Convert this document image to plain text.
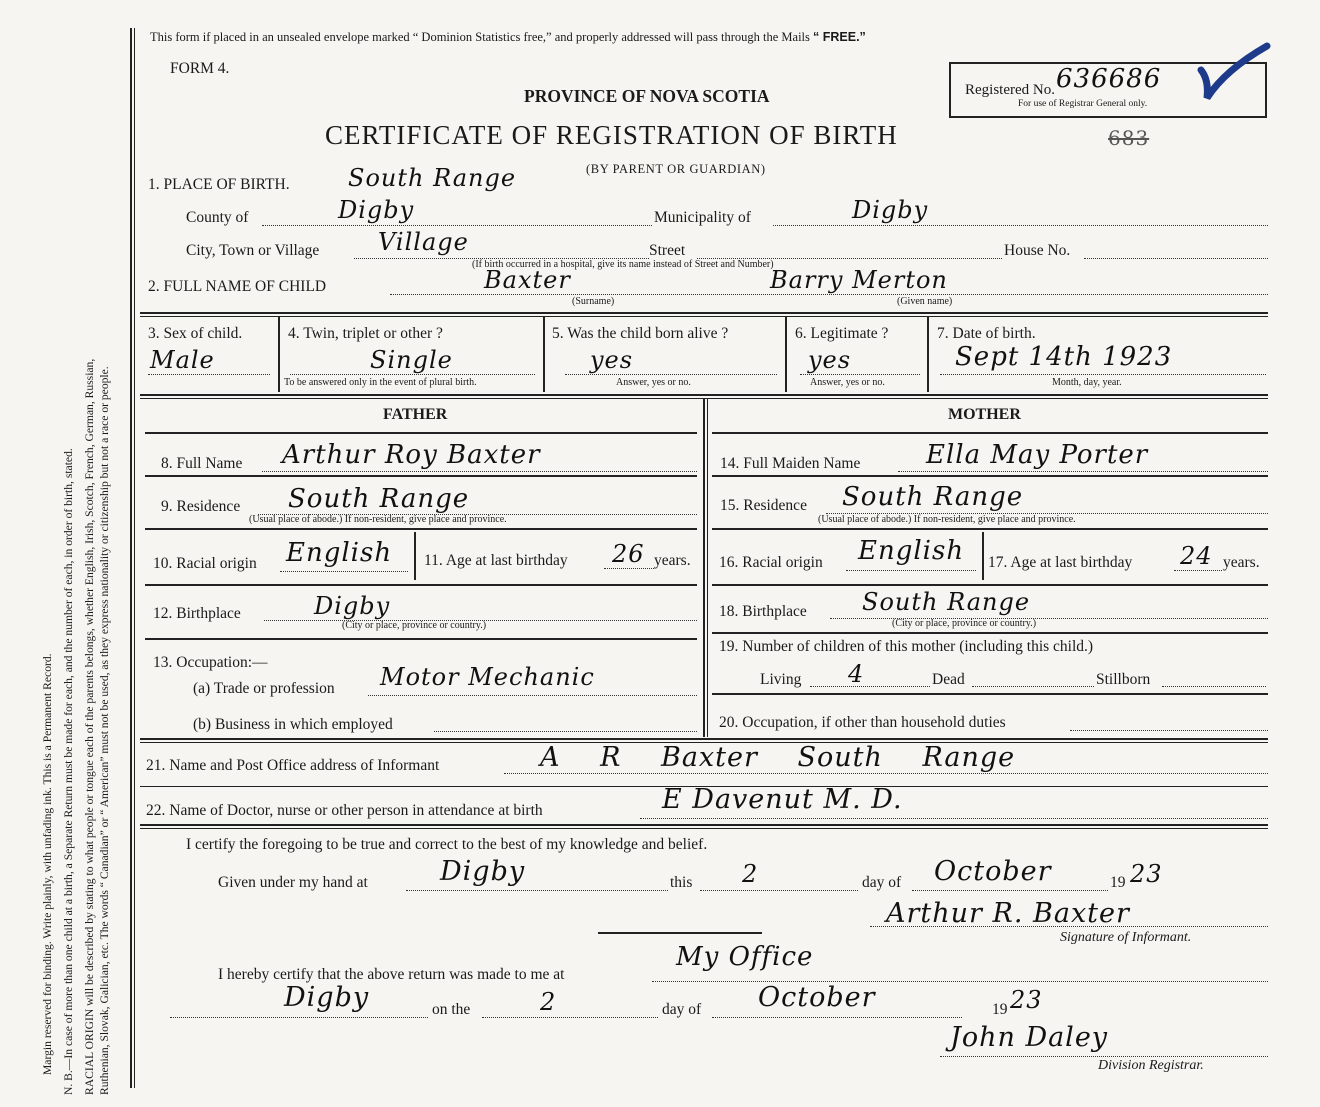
Margin reserved for binding. Write plainly, with unfading ink. This is a Permanent Record. N. B.—In case of more than one child at a birth, a Separate Return must be made for each, and the number of each, in order of birth, stated. RACIAL ORIGIN will be described by stating to what people or tongue each of the parents belongs, whether English, Irish, Scotch, French, German, Russian, Ruthenian, Slovak, Galician, etc. The words “ Canadian” or “ American” must not be used, as they express nationality or citizenship but not a race or people.
This form if placed in an unsealed envelope marked “ Dominion Statistics free,” and properly addressed will pass through the Mails “ FREE.”
FORM 4.
PROVINCE OF NOVA SCOTIA
CERTIFICATE OF REGISTRATION OF BIRTH	683
(BY PARENT OR GUARDIAN)
Registered No. 636686
For use of Registrar General only.
1. PLACE OF BIRTH. South Range
County of	Digby	Municipality of	Digby
City, Town or Village Village	Street	House No.
(If birth occurred in a hospital, give its name instead of Street and Number)
2. FULL NAME OF CHILD	Baxter
(Surname)
Barry Merton
(Given name)
3. Sex of child.
Male
4. Twin, triplet or other ?
Single
To be answered only in the event of plural birth.
5. Was the child born alive ?
yes
Answer, yes or no.
6. Legitimate ?
yes
Answer, yes or no.
7. Date of birth.
Sept 14th 1923
Month, day, year.
FATHER	MOTHER
8. Full Name Arthur Roy Baxter
9. Residence South Range
(Usual place of abode.) If non-resident, give place and province.
10. Racial origin English 11. Age at last birthday 26 years.
12. Birthplace	Digby
(City or place, province or country.)
13. Occupation:—
(a) Trade or profession Motor Mechanic
(b) Business in which employed
14. Full Maiden Name	Ella May Porter
15. Residence South Range
(Usual place of abode.) If non-resident, give place and province.
16. Racial origin English 17. Age at last birthday 24 years.
18. Birthplace South Range
(City or place, province or country.)
19. Number of children of this mother (including this child.)
Living 4	Dead	Stillborn
20. Occupation, if other than household duties
21. Name and Post Office address of Informant	A R Baxter South Range
22. Name of Doctor, nurse or other person in attendance at birth	E Davenut M. D.
I certify the foregoing to be true and correct to the best of my knowledge and belief.
Given under my hand at	Digby	this 2	day of October	19 23
Arthur R. Baxter
Signature of Informant.
I hereby certify that the above return was made to me at
My Office
Digby	on the	2	day of October	19 23
John Daley
Division Registrar.
